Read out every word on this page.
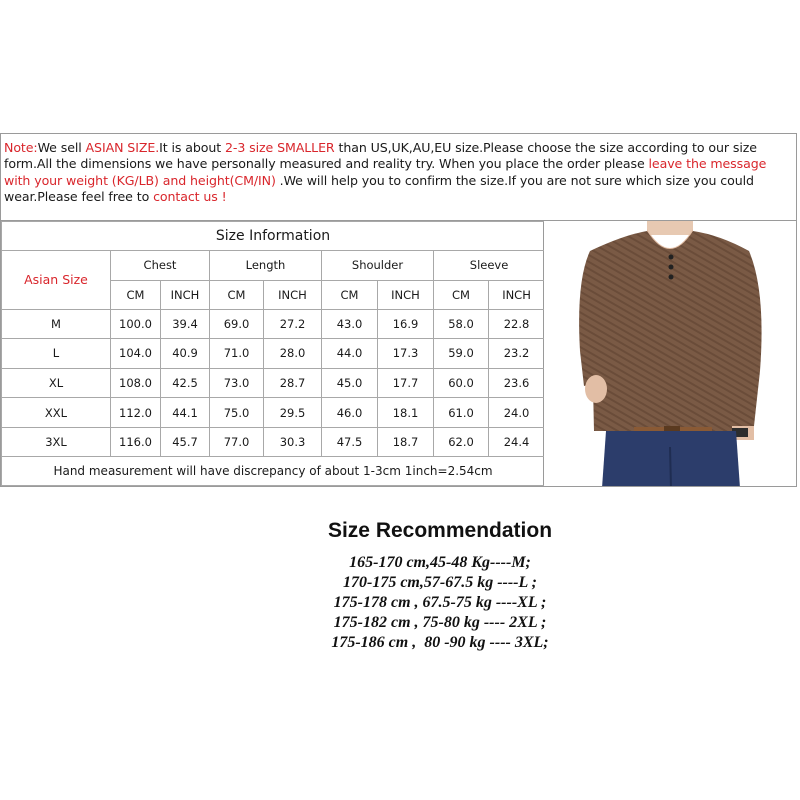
Note:We sell ASIAN SIZE.It is about 2-3 size SMALLER than US,UK,AU,EU size.Please choose the size according to our size form.All the dimensions we have personally measured and reality try. When you place the order please leave the message with your weight (KG/LB) and height(CM/IN) .We will help you to confirm the size.If you are not sure which size you could wear.Please feel free to contact us !
Size Information								
Asian Size	Chest		Length		Shoulder		Sleeve	
	CM	INCH	CM	INCH	CM	INCH	CM	INCH
M	100.0	39.4	69.0	27.2	43.0	16.9	58.0	22.8
L	104.0	40.9	71.0	28.0	44.0	17.3	59.0	23.2
XL	108.0	42.5	73.0	28.7	45.0	17.7	60.0	23.6
XXL	112.0	44.1	75.0	29.5	46.0	18.1	61.0	24.0
3XL	116.0	45.7	77.0	30.3	47.5	18.7	62.0	24.4
Hand measurement will have discrepancy of about 1-3cm 1inch=2.54cm								
Size Recommendation
165-170 cm,45-48 Kg----M;
170-175 cm,57-67.5 kg ----L ;
175-178 cm , 67.5-75 kg ----XL ;
175-182 cm , 75-80 kg ---- 2XL ;
175-186 cm ,  80 -90 kg ---- 3XL;
